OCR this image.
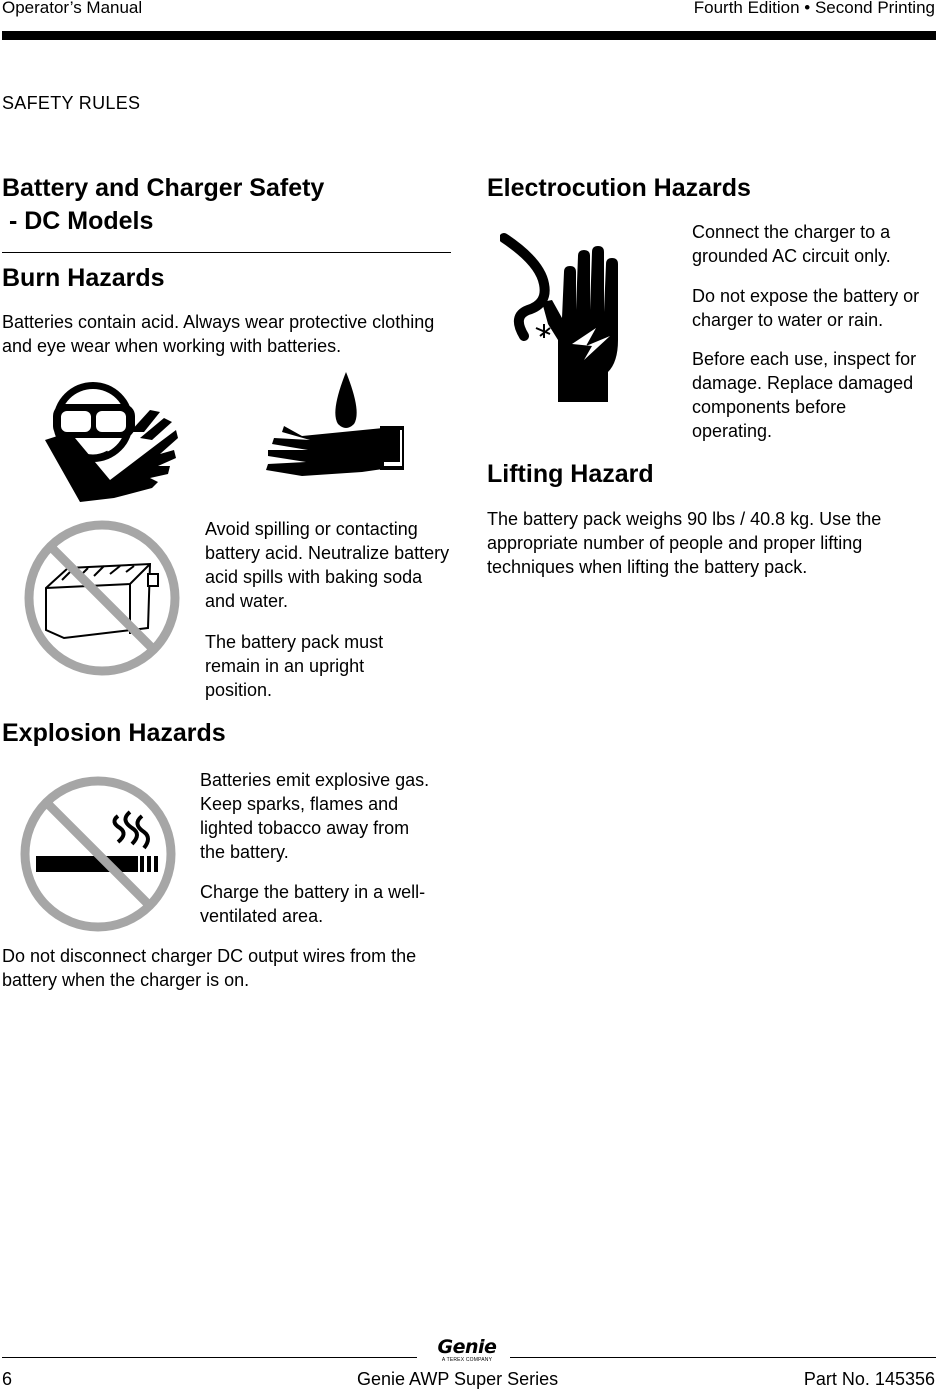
Operator’s Manual	Fourth Edition • Second Printing
SAFETY RULES
Battery and Charger Safety
- DC Models
Burn Hazards

Batteries contain acid. Always wear protective clothing and eye wear when working with batteries.

Avoid spilling or contacting battery acid. Neutralize battery acid spills with baking soda and water.

The battery pack must remain in an upright position.

Explosion Hazards

Batteries emit explosive gas. Keep sparks, flames and lighted tobacco away from the battery.

Charge the battery in a well-ventilated area.

Do not disconnect charger DC output wires from the battery when the charger is on.

Electrocution Hazards

Connect the charger to a grounded AC circuit only.

Do not expose the battery or charger to water or rain.

Before each use, inspect for damage. Replace damaged components before operating.

Lifting Hazard

The battery pack weighs 90 lbs / 40.8 kg. Use the appropriate number of people and proper lifting techniques when lifting the battery pack.

Genie
A TEREX COMPANY
6	Genie AWP Super Series	Part No. 145356
